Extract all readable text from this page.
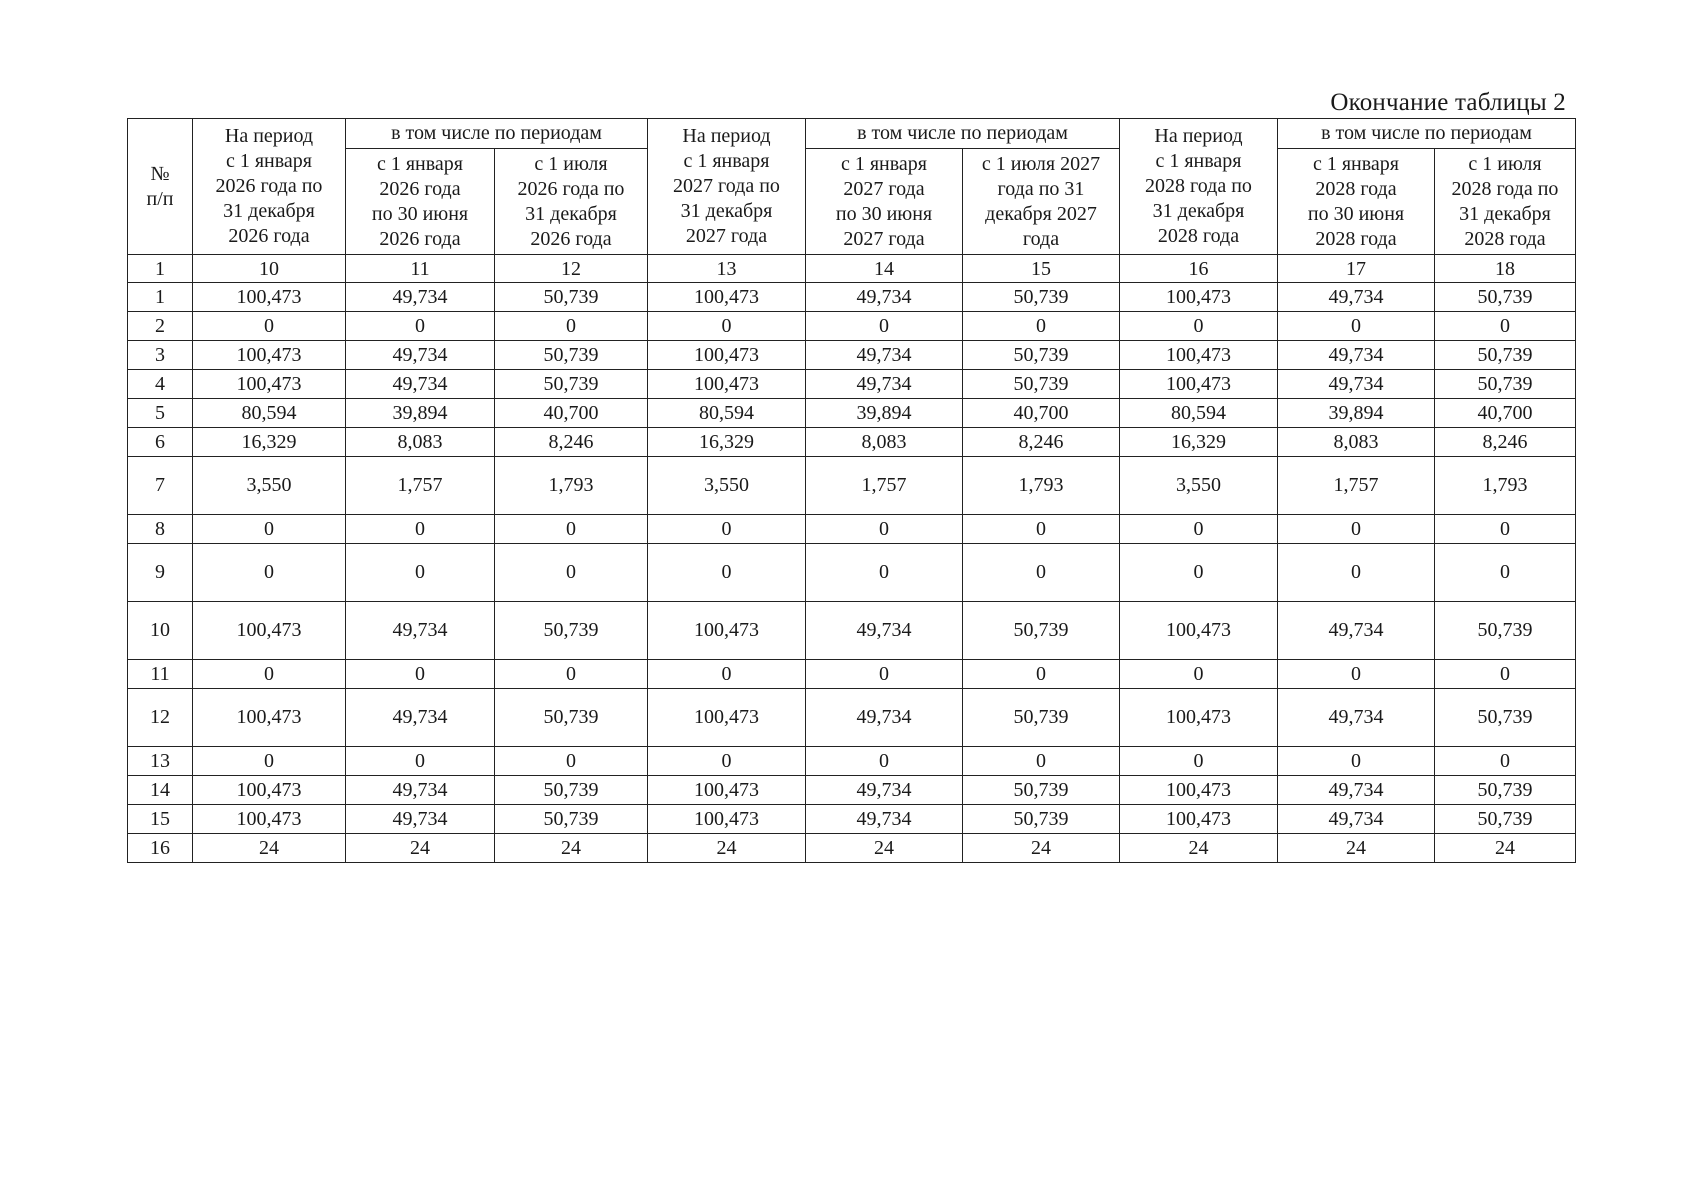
Окончание таблицы 2
№
п/п	На период
с 1 января
2026 года по
31 декабря
2026 года	в том числе по периодам		На период
с 1 января
2027 года по
31 декабря
2027 года	в том числе по периодам		На период
с 1 января
2028 года по
31 декабря
2028 года	в том числе по периодам	
		с 1 января
2026 года
по 30 июня
2026 года	с 1 июля
2026 года по
31 декабря
2026 года		с 1 января
2027 года
по 30 июня
2027 года	с 1 июля 2027
года по 31
декабря 2027
года		с 1 января
2028 года
по 30 июня
2028 года	с 1 июля
2028 года по
31 декабря
2028 года
1	10	11	12	13	14	15	16	17	18
1	100,473	49,734	50,739	100,473	49,734	50,739	100,473	49,734	50,739
2	0	0	0	0	0	0	0	0	0
3	100,473	49,734	50,739	100,473	49,734	50,739	100,473	49,734	50,739
4	100,473	49,734	50,739	100,473	49,734	50,739	100,473	49,734	50,739
5	80,594	39,894	40,700	80,594	39,894	40,700	80,594	39,894	40,700
6	16,329	8,083	8,246	16,329	8,083	8,246	16,329	8,083	8,246
7	3,550	1,757	1,793	3,550	1,757	1,793	3,550	1,757	1,793
8	0	0	0	0	0	0	0	0	0
9	0	0	0	0	0	0	0	0	0
10	100,473	49,734	50,739	100,473	49,734	50,739	100,473	49,734	50,739
11	0	0	0	0	0	0	0	0	0
12	100,473	49,734	50,739	100,473	49,734	50,739	100,473	49,734	50,739
13	0	0	0	0	0	0	0	0	0
14	100,473	49,734	50,739	100,473	49,734	50,739	100,473	49,734	50,739
15	100,473	49,734	50,739	100,473	49,734	50,739	100,473	49,734	50,739
16	24	24	24	24	24	24	24	24	24
